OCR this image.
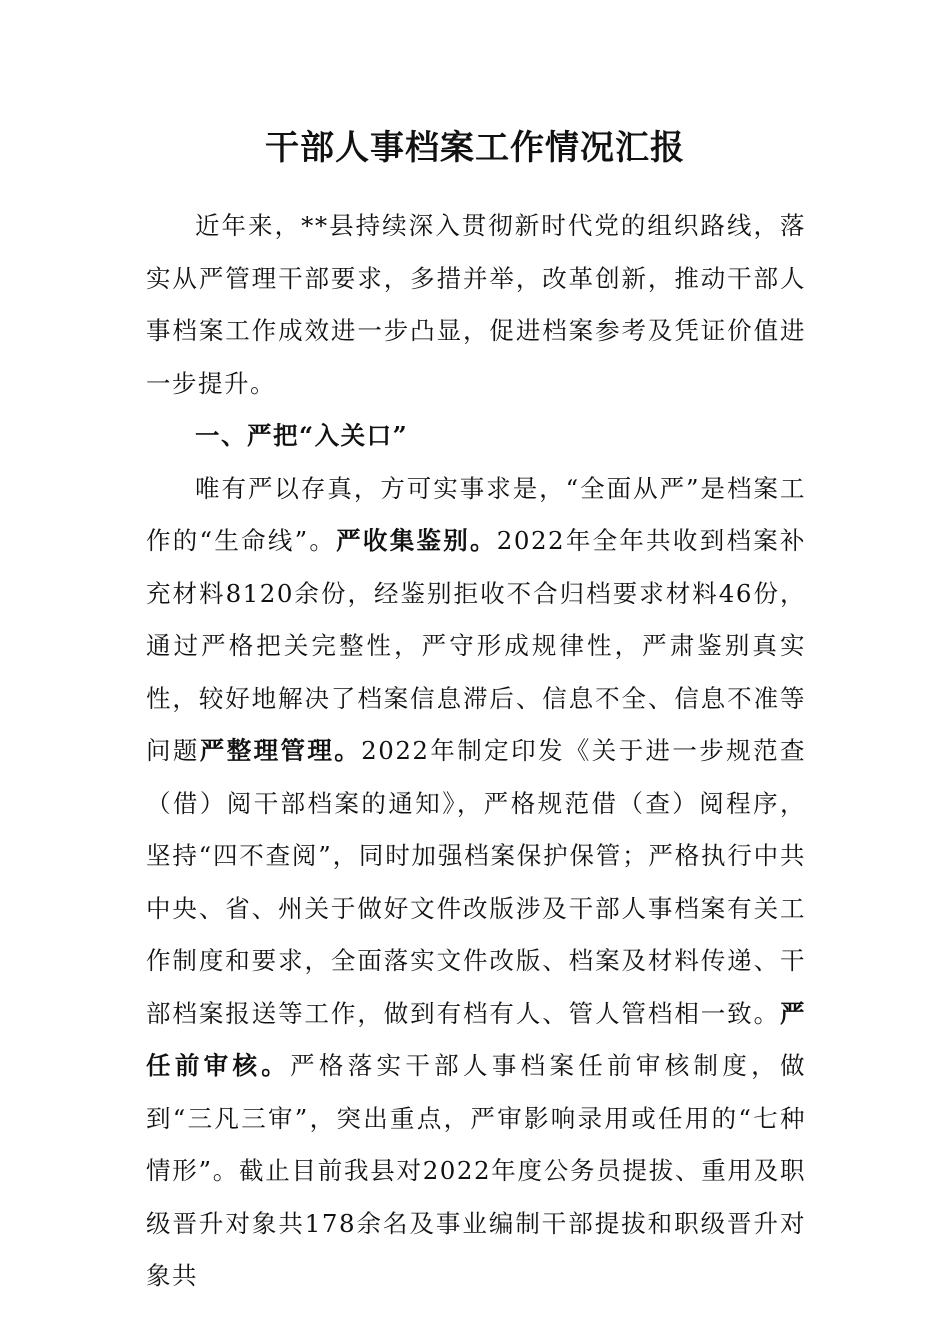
干部人事档案工作情况汇报

近年来，**县持续深入贯彻新时代党的组织路线，落实从严管理干部要求，多措并举，改革创新，推动干部人事档案工作成效进一步凸显，促进档案参考及凭证价值进一步提升。

一、严把“入关口”

唯有严以存真，方可实事求是，“全面从严”是档案工作的“生命线”。严收集鉴别。2022年全年共收到档案补充材料8120余份，经鉴别拒收不合归档要求材料46份，通过严格把关完整性，严守形成规律性，严肃鉴别真实性，较好地解决了档案信息滞后、信息不全、信息不准等问题严整理管理。2022年制定印发《关于进一步规范查（借）阅干部档案的通知》，严格规范借（查）阅程序，坚持“四不查阅”，同时加强档案保护保管；严格执行中共中央、省、州关于做好文件改版涉及干部人事档案有关工作制度和要求，全面落实文件改版、档案及材料传递、干部档案报送等工作，做到有档有人、管人管档相一致。严任前审核。严格落实干部人事档案任前审核制度，做到“三凡三审”，突出重点，严审影响录用或任用的“七种情形”。截止目前我县对2022年度公务员提拔、重用及职级晋升对象共178余名及事业编制干部提拔和职级晋升对象共
